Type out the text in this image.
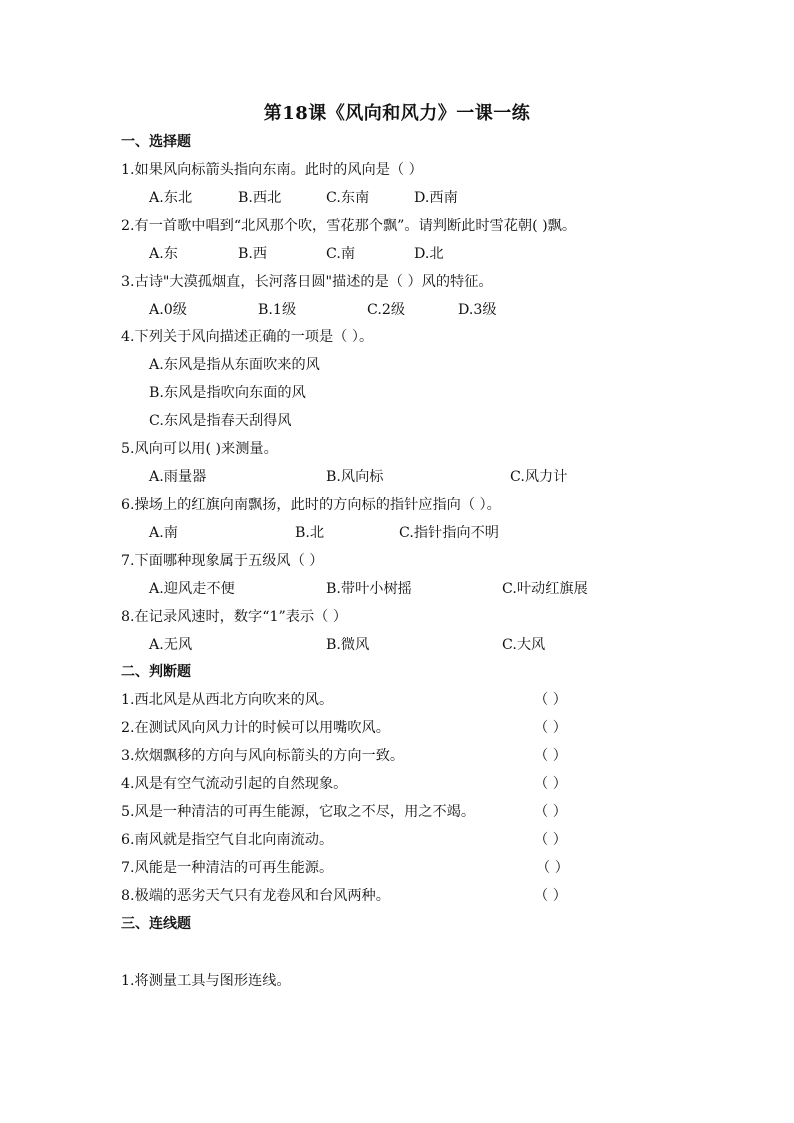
第18课《风向和风力》一课一练
一、选择题
1.如果风向标箭头指向东南。此时的风向是（ ）
A.东北	B.西北	C.东南	D.西南
2.有一首歌中唱到“北风那个吹，雪花那个飘”。请判断此时雪花朝( )飘。
A.东	B.西	C.南	D.北
3.古诗"大漠孤烟直，长河落日圆"描述的是（ ）风的特征。
A.0级	B.1级	C.2级	D.3级
4.下列关于风向描述正确的一项是（ ）。
A.东风是指从东面吹来的风
B.东风是指吹向东面的风
C.东风是指春天刮得风
5.风向可以用( )来测量。
A.雨量器	B.风向标	C.风力计
6.操场上的红旗向南飘扬，此时的方向标的指针应指向（ ）。
A.南	B.北	C.指针指向不明
7.下面哪种现象属于五级风（ ）
A.迎风走不便	B.带叶小树摇	C.叶动红旗展
8.在记录风速时，数字“1”表示（ ）
A.无风	B.微风	C.大风
二、判断题
1.西北风是从西北方向吹来的风。	（ ）
2.在测试风向风力计的时候可以用嘴吹风。	（ ）
3.炊烟飘移的方向与风向标箭头的方向一致。	（ ）
4.风是有空气流动引起的自然现象。	（ ）
5.风是一种清洁的可再生能源，它取之不尽，用之不竭。	（ ）
6.南风就是指空气自北向南流动。	（ ）
7.风能是一种清洁的可再生能源。	（ ）
8.极端的恶劣天气只有龙卷风和台风两种。	（ ）
三、连线题
1.将测量工具与图形连线。
